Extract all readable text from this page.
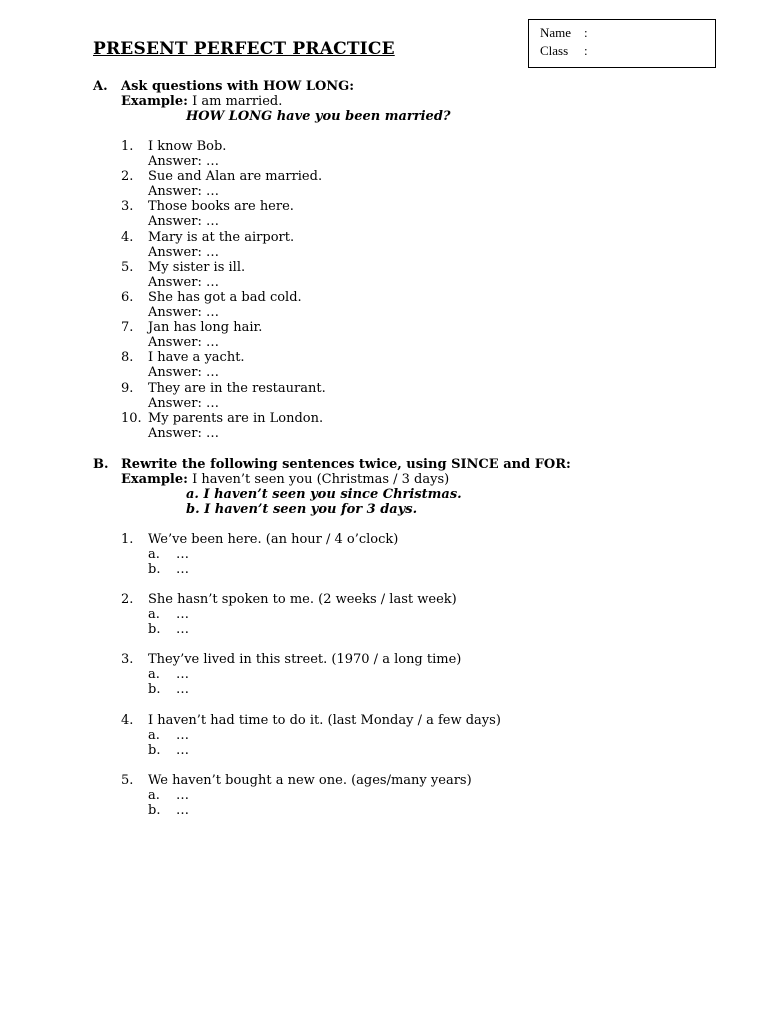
Name :
Class :
PRESENT PERFECT PRACTICE
A. Ask questions with HOW LONG:
Example: I am married.
HOW LONG have you been married?
1. I know Bob.
Answer: …
2. Sue and Alan are married.
Answer: …
3. Those books are here.
Answer: …
4. Mary is at the airport.
Answer: …
5. My sister is ill.
Answer: …
6. She has got a bad cold.
Answer: …
7. Jan has long hair.
Answer: …
8. I have a yacht.
Answer: …
9. They are in the restaurant.
Answer: …
10. My parents are in London.
Answer: …
B. Rewrite the following sentences twice, using SINCE and FOR:
Example: I haven’t seen you (Christmas / 3 days)
a. I haven’t seen you since Christmas.
b. I haven’t seen you for 3 days.
1. We’ve been here. (an hour / 4 o’clock)
a. …
b. …
2. She hasn’t spoken to me. (2 weeks / last week)
a. …
b. …
3. They’ve lived in this street. (1970 / a long time)
a. …
b. …
4. I haven’t had time to do it. (last Monday / a few days)
a. …
b. …
5. We haven’t bought a new one. (ages/many years)
a. …
b. …
